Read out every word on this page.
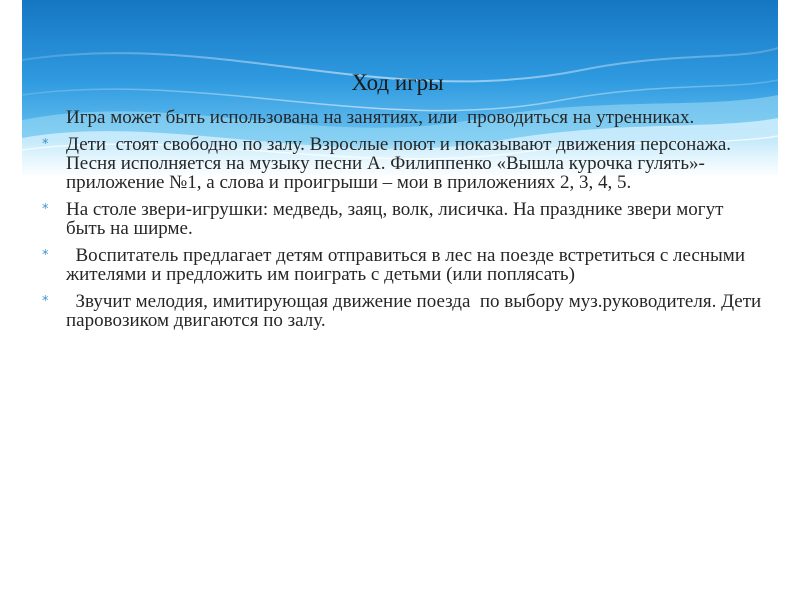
Ход игры

Игра может быть использована на занятиях, или  проводиться на утренниках.

* Дети  стоят свободно по залу. Взрослые поют и показывают движения персонажа. Песня исполняется на музыку песни А. Филиппенко «Вышла курочка гулять»-приложение №1, а слова и проигрыши – мои в приложениях 2, 3, 4, 5.

* На столе звери-игрушки: медведь, заяц, волк, лисичка. На празднике звери могут быть на ширме.

* Воспитатель предлагает детям отправиться в лес на поезде встретиться с лесными жителями и предложить им поиграть с детьми (или поплясать)

* Звучит мелодия, имитирующая движение поезда  по выбору муз.руководителя. Дети паровозиком двигаются по залу.
